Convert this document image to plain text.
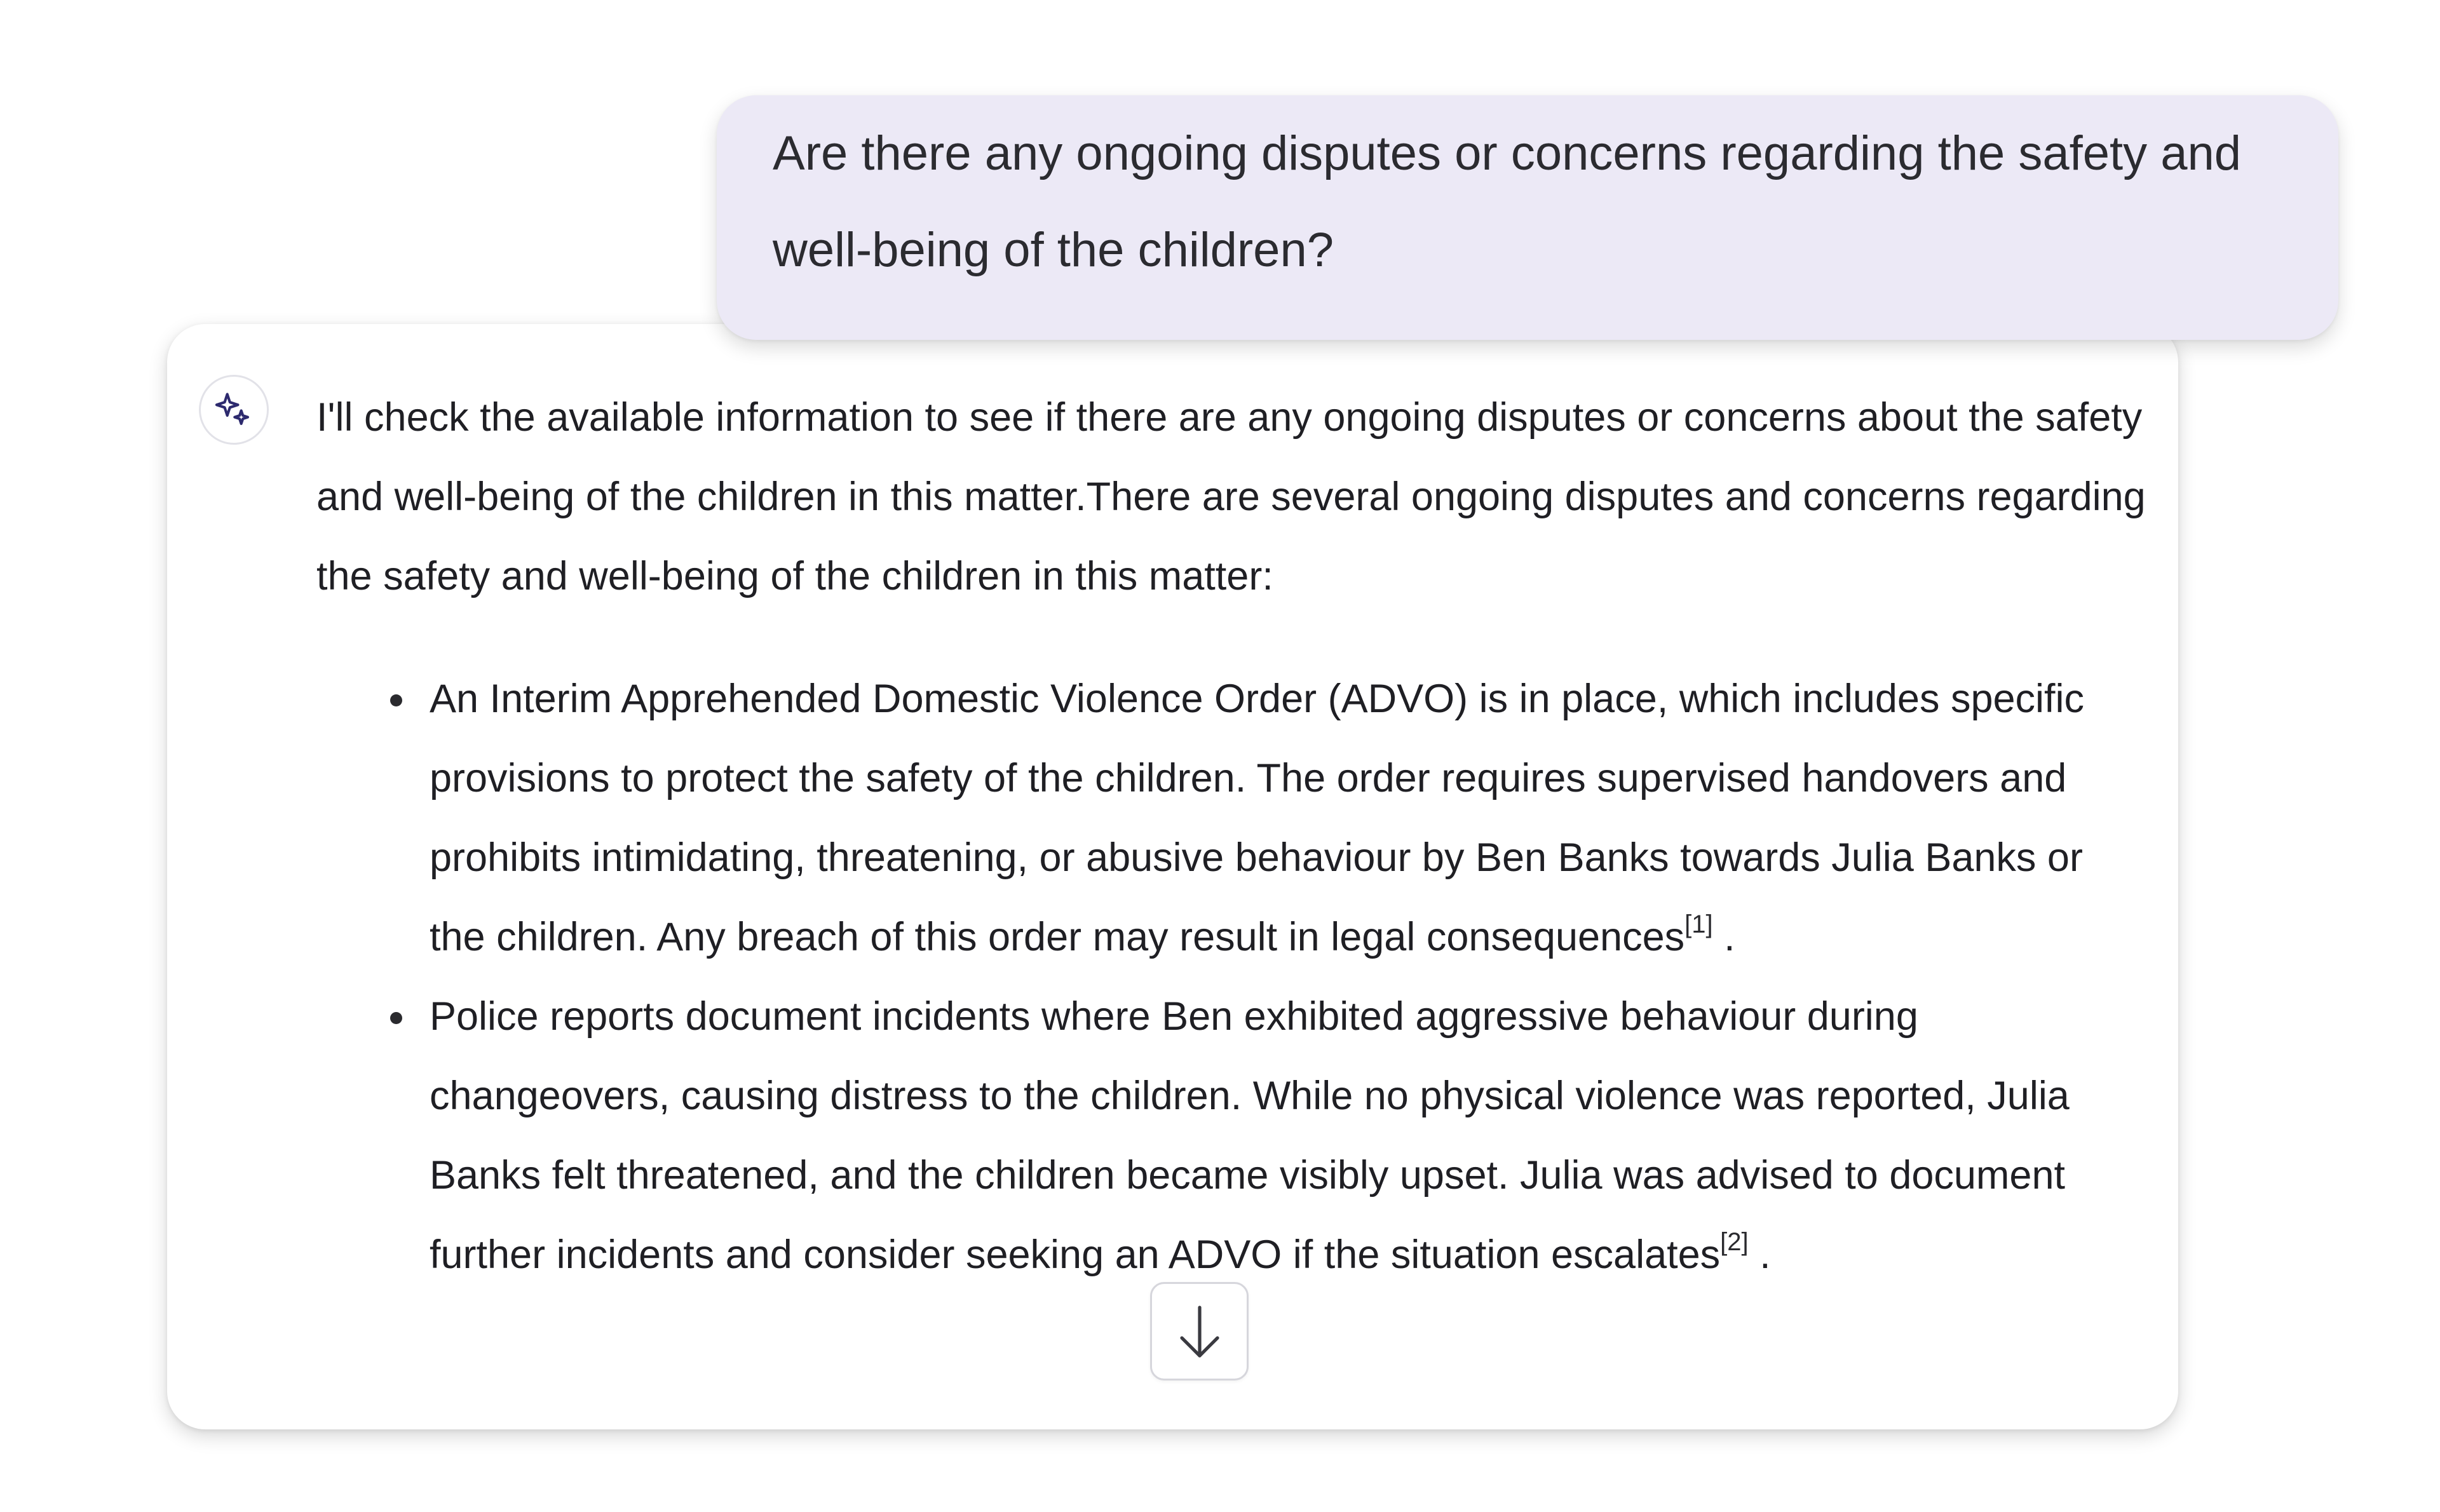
I'll check the available information to see if there are any ongoing disputes or concerns about the safety and well-being of the children in this matter.There are several ongoing disputes and concerns regarding the safety and well-being of the children in this matter:

An Interim Apprehended Domestic Violence Order (ADVO) is in place, which includes specific provisions to protect the safety of the children. The order requires supervised handovers and prohibits intimidating, threatening, or abusive behaviour by Ben Banks towards Julia Banks or the children. Any breach of this order may result in legal consequences[1] .
Police reports document incidents where Ben exhibited aggressive behaviour during changeovers, causing distress to the children. While no physical violence was reported, Julia Banks felt threatened, and the children became visibly upset. Julia was advised to document further incidents and consider seeking an ADVO if the situation escalates[2] .

Are there any ongoing disputes or concerns regarding the safety and well-being of the children?
